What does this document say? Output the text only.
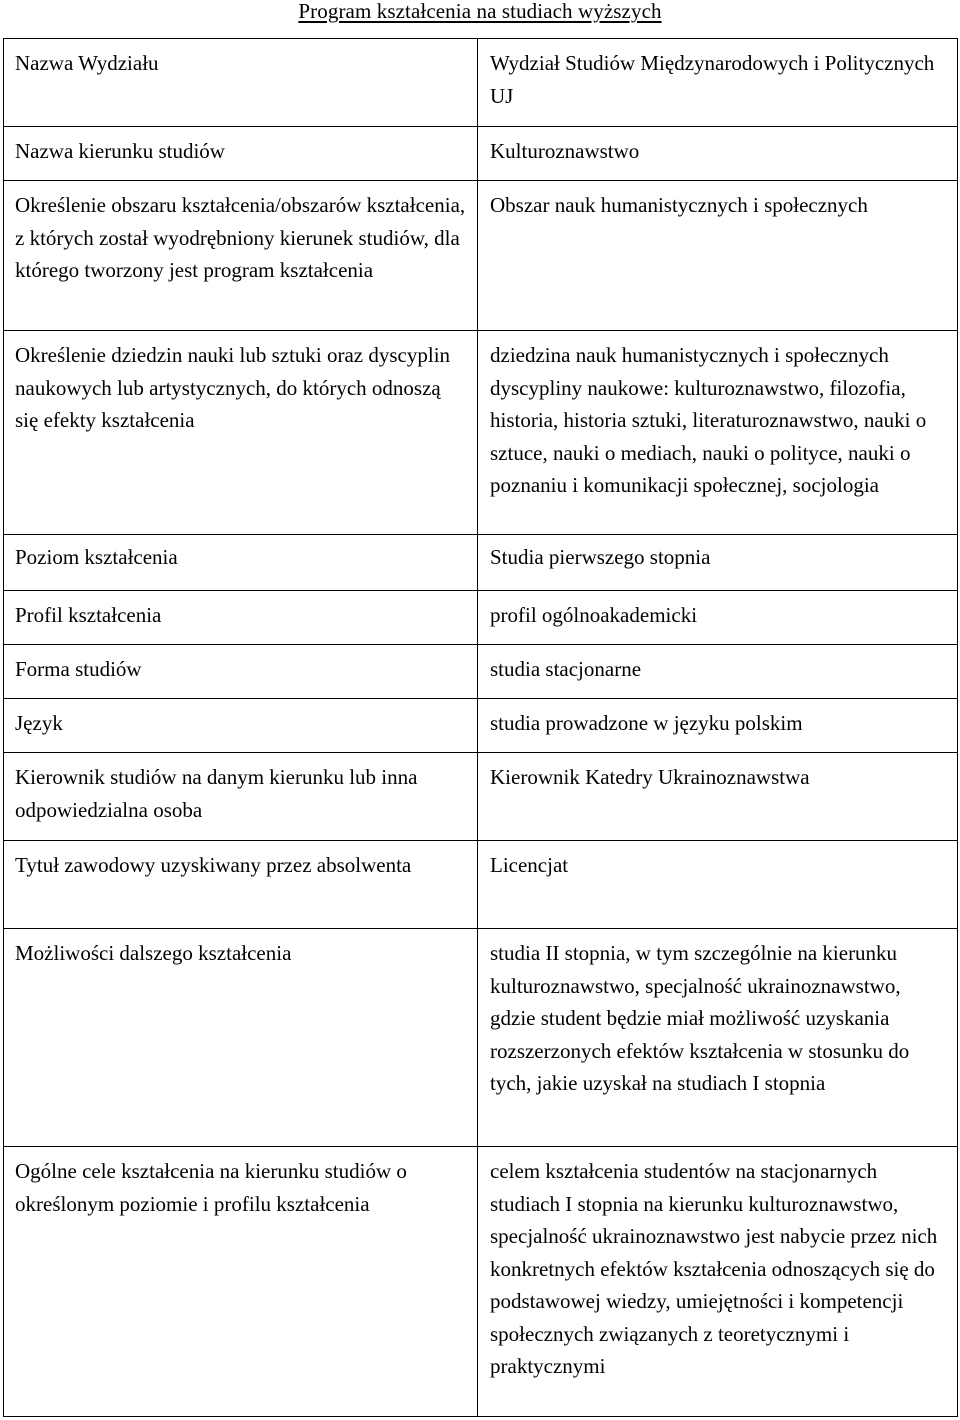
Program kształcenia na studiach wyższych
Nazwa Wydziału	Wydział Studiów Międzynarodowych i Politycznych UJ
Nazwa kierunku studiów	Kulturoznawstwo
Określenie obszaru kształcenia/obszarów kształcenia, z których został wyodrębniony kierunek studiów, dla którego tworzony jest program kształcenia	Obszar nauk humanistycznych i społecznych
Określenie dziedzin nauki lub sztuki oraz dyscyplin naukowych lub artystycznych, do których odnoszą się efekty kształcenia	dziedzina nauk humanistycznych i społecznych
dyscypliny naukowe: kulturoznawstwo, filozofia, historia, historia sztuki, literaturoznawstwo, nauki o sztuce, nauki o mediach, nauki o polityce, nauki o poznaniu i komunikacji społecznej, socjologia

Poziom kształcenia	Studia pierwszego stopnia
Profil kształcenia	profil ogólnoakademicki
Forma studiów	studia stacjonarne
Język	studia prowadzone w języku polskim
Kierownik studiów na danym kierunku lub inna odpowiedzialna osoba	Kierownik Katedry Ukrainoznawstwa
Tytuł zawodowy uzyskiwany przez absolwenta	Licencjat
Możliwości dalszego kształcenia	studia II stopnia, w tym szczególnie na kierunku kulturoznawstwo, specjalność ukrainoznawstwo, gdzie student będzie miał możliwość uzyskania rozszerzonych efektów kształcenia w stosunku do tych, jakie uzyskał na studiach I stopnia
Ogólne cele kształcenia na kierunku studiów o określonym poziomie i profilu kształcenia	celem kształcenia studentów na stacjonarnych studiach I stopnia na kierunku kulturoznawstwo, specjalność ukrainoznawstwo jest nabycie przez nich konkretnych efektów kształcenia odnoszących się do podstawowej wiedzy, umiejętności i kompetencji społecznych związanych z teoretycznymi i praktycznymi
